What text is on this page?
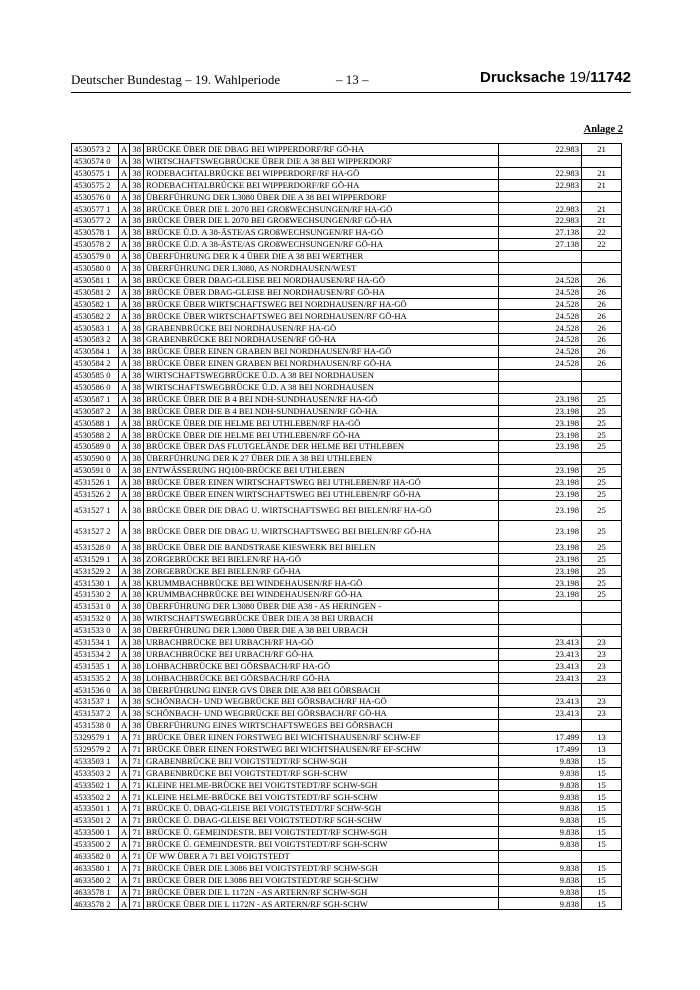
Deutscher Bundestag – 19. Wahlperiode	– 13 –	Drucksache 19/11742
Anlage 2
4530573 2	A	38	BRÜCKE ÜBER DIE DBAG BEI WIPPERDORF/RF GÖ-HA	22.983	21
4530574 0	A	38	WIRTSCHAFTSWEGBRÜCKE ÜBER DIE A 38 BEI WIPPERDORF		
4530575 1	A	38	RODEBACHTALBRÜCKE BEI WIPPERDORF/RF HA-GÖ	22.983	21
4530575 2	A	38	RODEBACHTALBRÜCKE BEI WIPPERDORF/RF GÖ-HA	22.983	21
4530576 0	A	38	ÜBERFÜHRUNG DER L3080 ÜBER DIE A 38 BEI WIPPERDORF		
4530577 1	A	38	BRÜCKE ÜBER DIE L 2070 BEI GROßWECHSUNGEN/RF HA-GÖ	22.983	21
4530577 2	A	38	BRÜCKE ÜBER DIE L 2070 BEI GROßWECHSUNGEN/RF GÖ-HA	22.983	21
4530578 1	A	38	BRÜCKE Ü.D. A 38-ÄSTE/AS GROßWECHSUNGEN/RF HA-GÖ	27.138	22
4530578 2	A	38	BRÜCKE Ü.D. A 38-ÄSTE/AS GROßWECHSUNGEN/RF GÖ-HA	27.138	22
4530579 0	A	38	ÜBERFÜHRUNG DER K 4 ÜBER DIE A 38 BEI WERTHER		
4530580 0	A	38	ÜBERFÜHRUNG DER L3080, AS NORDHAUSEN/WEST		
4530581 1	A	38	BRÜCKE ÜBER DBAG-GLEISE BEI NORDHAUSEN/RF HA-GÖ	24.528	26
4530581 2	A	38	BRÜCKE ÜBER DBAG-GLEISE BEI NORDHAUSEN/RF GÖ-HA	24.528	26
4530582 1	A	38	BRÜCKE ÜBER WIRTSCHAFTSWEG BEI NORDHAUSEN/RF HA-GÖ	24.528	26
4530582 2	A	38	BRÜCKE ÜBER WIRTSCHAFTSWEG BEI NORDHAUSEN/RF GÖ-HA	24.528	26
4530583 1	A	38	GRABENBRÜCKE BEI NORDHAUSEN/RF HA-GÖ	24.528	26
4530583 2	A	38	GRABENBRÜCKE BEI NORDHAUSEN/RF GÖ-HA	24.528	26
4530584 1	A	38	BRÜCKE ÜBER EINEN GRABEN BEI NORDHAUSEN/RF HA-GÖ	24.528	26
4530584 2	A	38	BRÜCKE ÜBER EINEN GRABEN BEI NORDHAUSEN/RF GÖ-HA	24.528	26
4530585 0	A	38	WIRTSCHAFTSWEGBRÜCKE Ü.D. A 38 BEI NORDHAUSEN		
4530586 0	A	38	WIRTSCHAFTSWEGBRÜCKE Ü.D. A 38 BEI NORDHAUSEN		
4530587 1	A	38	BRÜCKE ÜBER DIE B 4 BEI NDH-SUNDHAUSEN/RF HA-GÖ	23.198	25
4530587 2	A	38	BRÜCKE ÜBER DIE B 4 BEI NDH-SUNDHAUSEN/RF GÖ-HA	23.198	25
4530588 1	A	38	BRÜCKE ÜBER DIE HELME BEI UTHLEBEN/RF HA-GÖ	23.198	25
4530588 2	A	38	BRÜCKE ÜBER DIE HELME BEI UTHLEBEN/RF GÖ-HA	23.198	25
4530589 0	A	38	BRÜCKE ÜBER DAS FLUTGELÄNDE DER HELME BEI UTHLEBEN	23.198	25
4530590 0	A	38	ÜBERFÜHRUNG DER K 27 ÜBER DIE A 38 BEI UTHLEBEN		
4530591 0	A	38	ENTWÄSSERUNG HQ100-BRÜCKE BEI UTHLEBEN	23.198	25
4531526 1	A	38	BRÜCKE ÜBER EINEN WIRTSCHAFTSWEG BEI UTHLEBEN/RF HA-GÖ	23.198	25
4531526 2	A	38	BRÜCKE ÜBER EINEN WIRTSCHAFTSWEG BEI UTHLEBEN/RF GÖ-HA	23.198	25
4531527 1	A	38	BRÜCKE ÜBER DIE DBAG U. WIRTSCHAFTSWEG BEI BIELEN/RF HA-GÖ	23.198	25
4531527 2	A	38	BRÜCKE ÜBER DIE DBAG U. WIRTSCHAFTSWEG BEI BIELEN/RF GÖ-HA	23.198	25
4531528 0	A	38	BRÜCKE ÜBER DIE BANDSTRAßE KIESWERK BEI BIELEN	23.198	25
4531529 1	A	38	ZORGEBRÜCKE BEI BIELEN/RF HA-GÖ	23.198	25
4531529 2	A	38	ZORGEBRÜCKE BEI BIELEN/RF GÖ-HA	23.198	25
4531530 1	A	38	KRUMMBACHBRÜCKE BEI WINDEHAUSEN/RF HA-GÖ	23.198	25
4531530 2	A	38	KRUMMBACHBRÜCKE BEI WINDEHAUSEN/RF GÖ-HA	23.198	25
4531531 0	A	38	ÜBERFÜHRUNG DER L3080 ÜBER DIE A38 - AS HERINGEN -		
4531532 0	A	38	WIRTSCHAFTSWEGBRÜCKE ÜBER DIE A 38 BEI URBACH		
4531533 0	A	38	ÜBERFÜHRUNG DER L3080 ÜBER DIE A 38 BEI URBACH		
4531534 1	A	38	URBACHBRÜCKE BEI URBACH/RF HA-GÖ	23.413	23
4531534 2	A	38	URBACHBRÜCKE BEI URBACH/RF GÖ-HA	23.413	23
4531535 1	A	38	LOHBACHBRÜCKE BEI GÖRSBACH/RF HA-GÖ	23.413	23
4531535 2	A	38	LOHBACHBRÜCKE BEI GÖRSBACH/RF GÖ-HA	23.413	23
4531536 0	A	38	ÜBERFÜHRUNG EINER GVS ÜBER DIE A38 BEI GÖRSBACH		
4531537 1	A	38	SCHÖNBACH- UND WEGBRÜCKE BEI GÖRSBACH/RF HA-GÖ	23.413	23
4531537 2	A	38	SCHÖNBACH- UND WEGBRÜCKE BEI GÖRSBACH/RF GÖ-HA	23.413	23
4531538 0	A	38	ÜBERFÜHRUNG EINES WIRTSCHAFTSWEGES BEI GÖRSBACH		
5329579 1	A	71	BRÜCKE ÜBER EINEN FORSTWEG BEI WICHTSHAUSEN/RF SCHW-EF	17.499	13
5329579 2	A	71	BRÜCKE ÜBER EINEN FORSTWEG BEI WICHTSHAUSEN/RF EF-SCHW	17.499	13
4533503 1	A	71	GRABENBRÜCKE BEI VOIGTSTEDT/RF SCHW-SGH	9.838	15
4533503 2	A	71	GRABENBRÜCKE BEI VOIGTSTEDT/RF SGH-SCHW	9.838	15
4533502 1	A	71	KLEINE HELME-BRÜCKE BEI VOIGTSTEDT/RF SCHW-SGH	9.838	15
4533502 2	A	71	KLEINE HELME-BRÜCKE BEI VOIGTSTEDT/RF SGH-SCHW	9.838	15
4533501 1	A	71	BRÜCKE Ü. DBAG-GLEISE BEI VOIGTSTEDT/RF SCHW-SGH	9.838	15
4533501 2	A	71	BRÜCKE Ü. DBAG-GLEISE BEI VOIGTSTEDT/RF SGH-SCHW	9.838	15
4533500 1	A	71	BRÜCKE Ü. GEMEINDESTR. BEI VOIGTSTEDT/RF SCHW-SGH	9.838	15
4533500 2	A	71	BRÜCKE Ü. GEMEINDESTR. BEI VOIGTSTEDT/RF SGH-SCHW	9.838	15
4633582 0	A	71	ÜF WW ÜBER A 71 BEI VOIGTSTEDT		
4633580 1	A	71	BRÜCKE ÜBER DIE L3086 BEI VOIGTSTEDT/RF SCHW-SGH	9.838	15
4633580 2	A	71	BRÜCKE ÜBER DIE L3086 BEI VOIGTSTEDT/RF SGH-SCHW	9.838	15
4633578 1	A	71	BRÜCKE ÜBER DIE L 1172N - AS ARTERN/RF SCHW-SGH	9.838	15
4633578 2	A	71	BRÜCKE ÜBER DIE L 1172N - AS ARTERN/RF SGH-SCHW	9.838	15
